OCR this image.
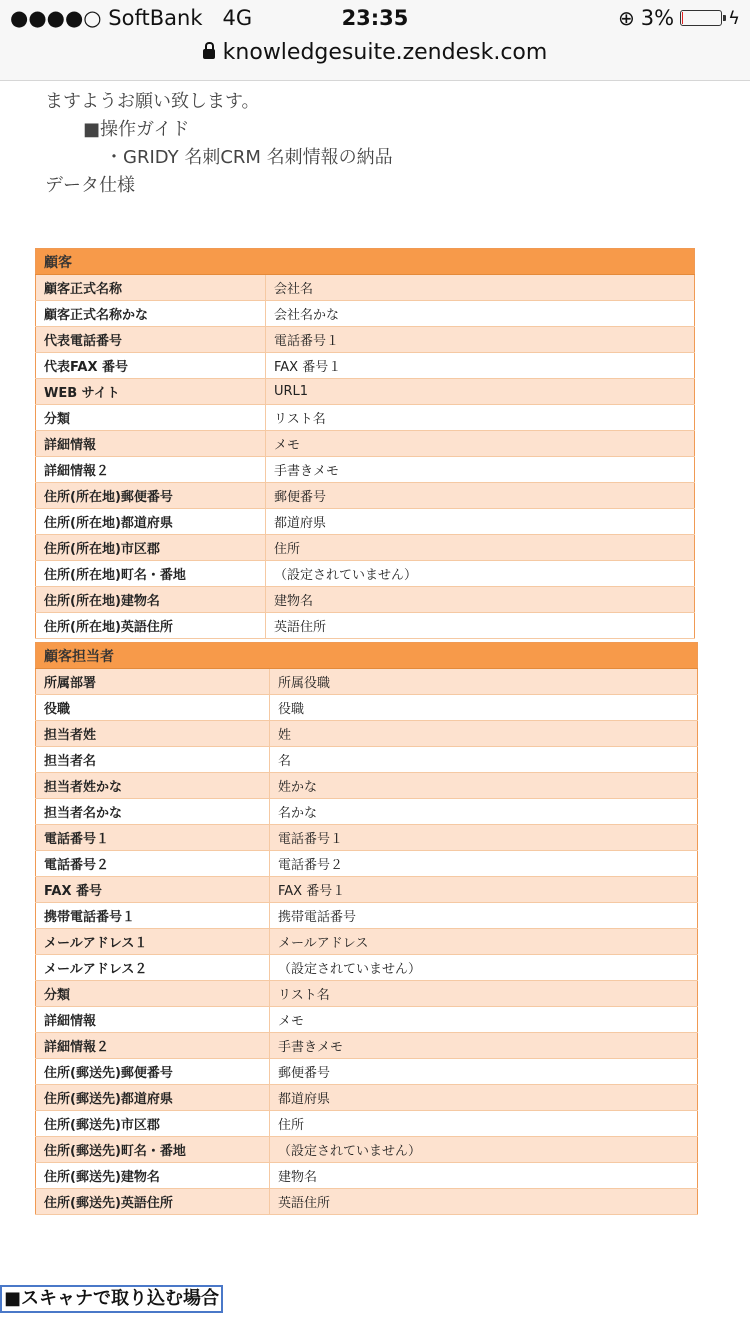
●●●●○ SoftBank 4G	23:35	⊕ 3%	ϟ
knowledgesuite.zendesk.com
ますようお願い致します。
■操作ガイド
・GRIDY 名刺CRM 名刺情報の納品
データ仕様
顧客	
顧客正式名称	会社名
顧客正式名称かな	会社名かな
代表電話番号	電話番号１
代表FAX 番号	FAX 番号１
WEB サイト	URL1
分類	リスト名
詳細情報	メモ
詳細情報２	手書きメモ
住所(所在地)郵便番号	郵便番号
住所(所在地)都道府県	都道府県
住所(所在地)市区郡	住所
住所(所在地)町名・番地	（設定されていません）
住所(所在地)建物名	建物名
住所(所在地)英語住所	英語住所
顧客担当者	
所属部署	所属役職
役職	役職
担当者姓	姓
担当者名	名
担当者姓かな	姓かな
担当者名かな	名かな
電話番号１	電話番号１
電話番号２	電話番号２
FAX 番号	FAX 番号１
携帯電話番号１	携帯電話番号
メールアドレス１	メールアドレス
メールアドレス２	（設定されていません）
分類	リスト名
詳細情報	メモ
詳細情報２	手書きメモ
住所(郵送先)郵便番号	郵便番号
住所(郵送先)都道府県	都道府県
住所(郵送先)市区郡	住所
住所(郵送先)町名・番地	（設定されていません）
住所(郵送先)建物名	建物名
住所(郵送先)英語住所	英語住所
■スキャナで取り込む場合
